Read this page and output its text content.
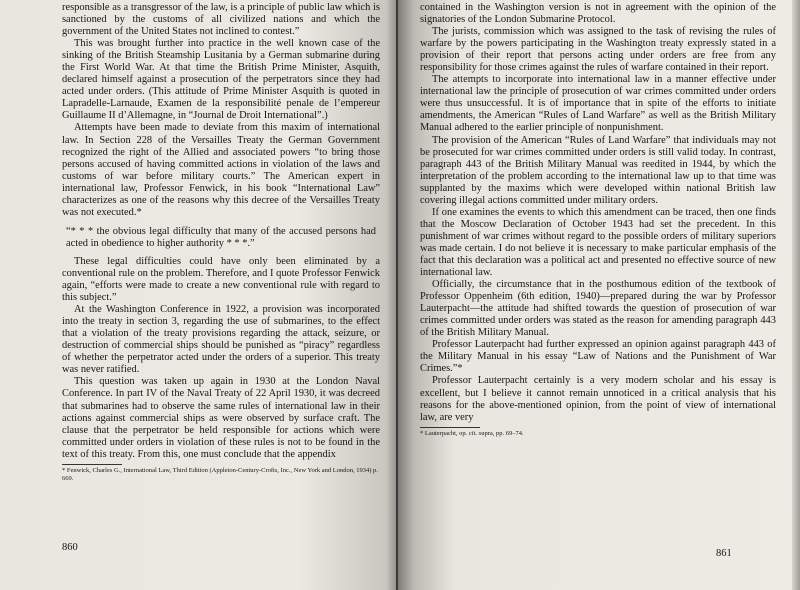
responsible as a transgressor of the law, is a principle of public law which is sanctioned by the customs of all civilized nations and which the government of the United States not inclined to contest.”

This was brought further into practice in the well known case of the sinking of the British Steamship Lusitania by a German submarine during the First World War. At that time the British Prime Minister, Asquith, declared himself against a prosecution of the perpetrators since they had acted under orders. (This attitude of Prime Minister Asquith is quoted in Lapradelle-Larnaude, Examen de la responsibilité penale de l’empereur Guillaume II d’Allemagne, in “Journal de Droit International”.)

Attempts have been made to deviate from this maxim of international law. In Section 228 of the Versailles Treaty the German Government recognized the right of the Allied and associated powers “to bring those persons accused of having committed actions in violation of the laws and customs of war before military courts.” The American expert in international law, Professor Fenwick, in his book “International Law” characterizes as one of the reasons why this decree of the Versailles Treaty was not executed.*

“* * * the obvious legal difficulty that many of the accused persons had acted in obedience to higher authority * * *.”

These legal difficulties could have only been eliminated by a conventional rule on the problem. Therefore, and I quote Professor Fenwick again, “efforts were made to create a new conventional rule with regard to this subject.”

At the Washington Conference in 1922, a provision was incorporated into the treaty in section 3, regarding the use of submarines, to the effect that a violation of the treaty provisions regarding the attack, seizure, or destruction of commercial ships should be punished as “piracy” regardless of whether the perpetrator acted under the orders of a superior. This treaty was never ratified.

This question was taken up again in 1930 at the London Naval Conference. In part IV of the Naval Treaty of 22 April 1930, it was decreed that submarines had to observe the same rules of international law in their actions against commercial ships as were observed by surface craft. The clause that the perpetrator be held responsible for actions which were committed under orders in violation of these rules is not to be found in the text of this treaty. From this, one must conclude that the appendix

* Fenwick, Charles G., International Law, Third Edition (Appleton-Century-Crofts, Inc., New York and London, 1934) p. 669.

860

contained in the Washington version is not in agreement with the opinion of the signatories of the London Submarine Protocol.

The jurists, commission which was assigned to the task of revising the rules of warfare by the powers participating in the Washington treaty expressly stated in a provision of their report that persons acting under orders are free from any responsibility for those crimes against the rules of warfare contained in their report.

The attempts to incorporate into international law in a manner effective under international law the principle of prosecution of war crimes committed under orders were thus unsuccessful. It is of importance that in spite of the efforts to initiate amendments, the American “Rules of Land Warfare” as well as the British Military Manual adhered to the earlier principle of nonpunishment.

The provision of the American “Rules of Land Warfare” that individuals may not be prosecuted for war crimes committed under orders is still valid today. In contrast, paragraph 443 of the British Military Manual was reedited in 1944, by which the interpretation of the problem according to the international law up to that time was supplanted by the maxims which were developed within national British law covering illegal actions committed under military orders.

If one examines the events to which this amendment can be traced, then one finds that the Moscow Declaration of October 1943 had set the precedent. In this punishment of war crimes without regard to the possible orders of military superiors was made certain. I do not believe it is necessary to make particular emphasis of the fact that this declaration was a political act and presented no effective source of new international law.

Officially, the circumstance that in the posthumous edition of the textbook of Professor Oppenheim (6th edition, 1940)—prepared during the war by Professor Lauterpacht—the attitude had shifted towards the question of prosecution of war crimes committed under orders was stated as the reason for amending paragraph 443 of the British Military Manual.

Professor Lauterpacht had further expressed an opinion against paragraph 443 of the Military Manual in his essay “Law of Nations and the Punishment of War Crimes.”*

Professor Lauterpacht certainly is a very modern scholar and his essay is excellent, but I believe it cannot remain unnoticed in a critical analysis that his reasons for the above-mentioned opinion, from the point of view of international law, are very

* Lauterpacht, op. cit. supra, pp. 69–74.

861
